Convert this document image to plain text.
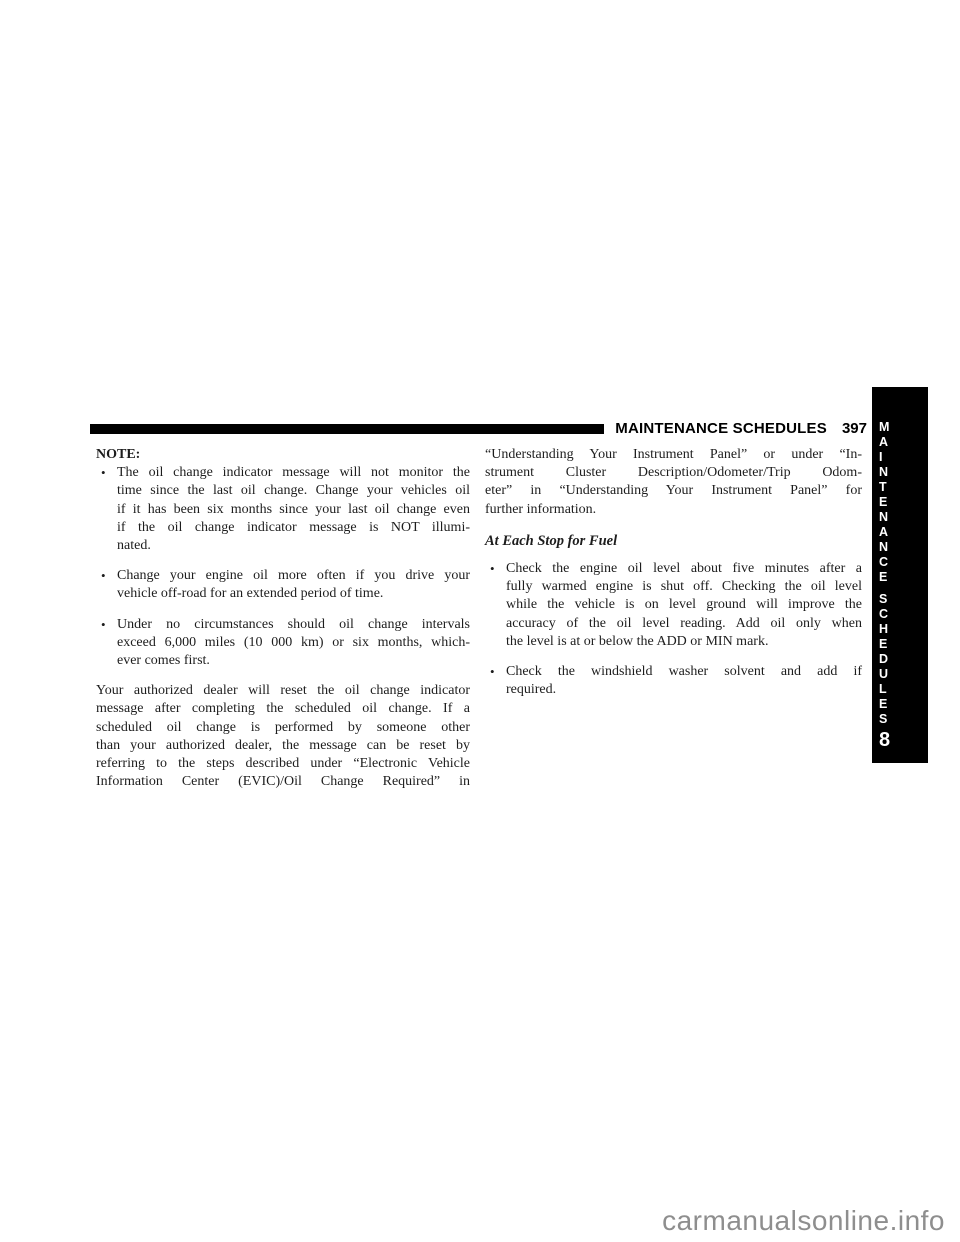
MAINTENANCE SCHEDULES 397
NOTE:
• The oil change indicator message will not monitor the
time since the last oil change. Change your vehicles oil
if it has been six months since your last oil change even
if the oil change indicator message is NOT illumi-
nated.
• Change your engine oil more often if you drive your
vehicle off-road for an extended period of time.
• Under no circumstances should oil change intervals
exceed 6,000 miles (10 000 km) or six months, which-
ever comes first.
Your authorized dealer will reset the oil change indicator
message after completing the scheduled oil change. If a
scheduled oil change is performed by someone other
than your authorized dealer, the message can be reset by
referring to the steps described under “Electronic Vehicle
Information Center (EVIC)/Oil Change Required” in
“Understanding Your Instrument Panel” or under “In-
strument Cluster Description/Odometer/Trip Odom-
eter” in “Understanding Your Instrument Panel” for
further information.
At Each Stop for Fuel
• Check the engine oil level about five minutes after a
fully warmed engine is shut off. Checking the oil level
while the vehicle is on level ground will improve the
accuracy of the oil level reading. Add oil only when
the level is at or below the ADD or MIN mark.
• Check the windshield washer solvent and add if
required.
M
A
I
N
T
E
N
A
N
C
E
S
C
H
E
D
U
L
E
S
8
carmanualsonline.info
